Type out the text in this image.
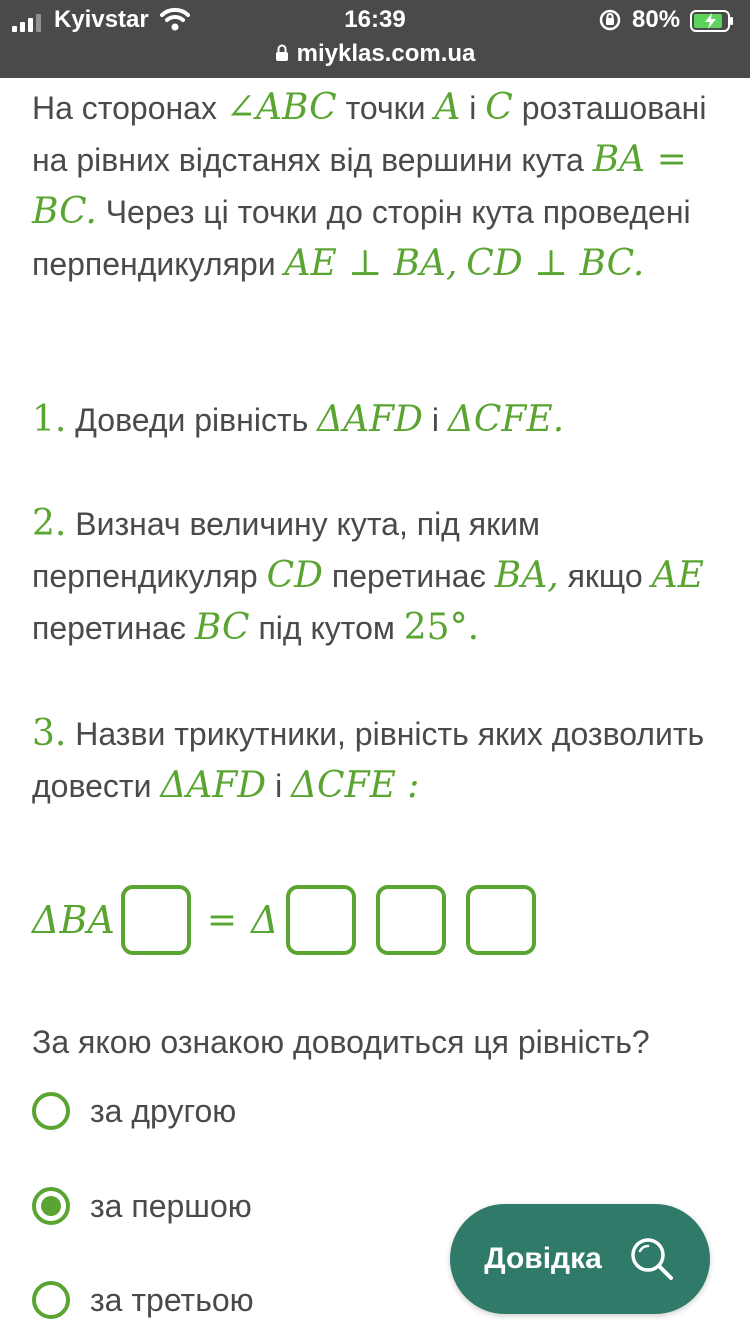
Kyivstar	16:39	80%
miyklas.com.ua

На сторонах ∠ABC точки A і C розташовані на рівних відстанях від вершини кута BA = BC. Через ці точки до сторін кута проведені перпендикуляри AE ⊥ BA, CD ⊥ BC.

1. Доведи рівність ΔAFD і ΔCFE.
2. Визнач величину кута, під яким перпендикуляр CD перетинає BA, якщо AE перетинає BC під кутом 25°.
3. Назви трикутники, рівність яких дозволить довести ΔAFD і ΔCFE :
ΔBA	= Δ
За якою ознакою доводиться ця рівність?
за другою
за першою
за третьою
Довідка
